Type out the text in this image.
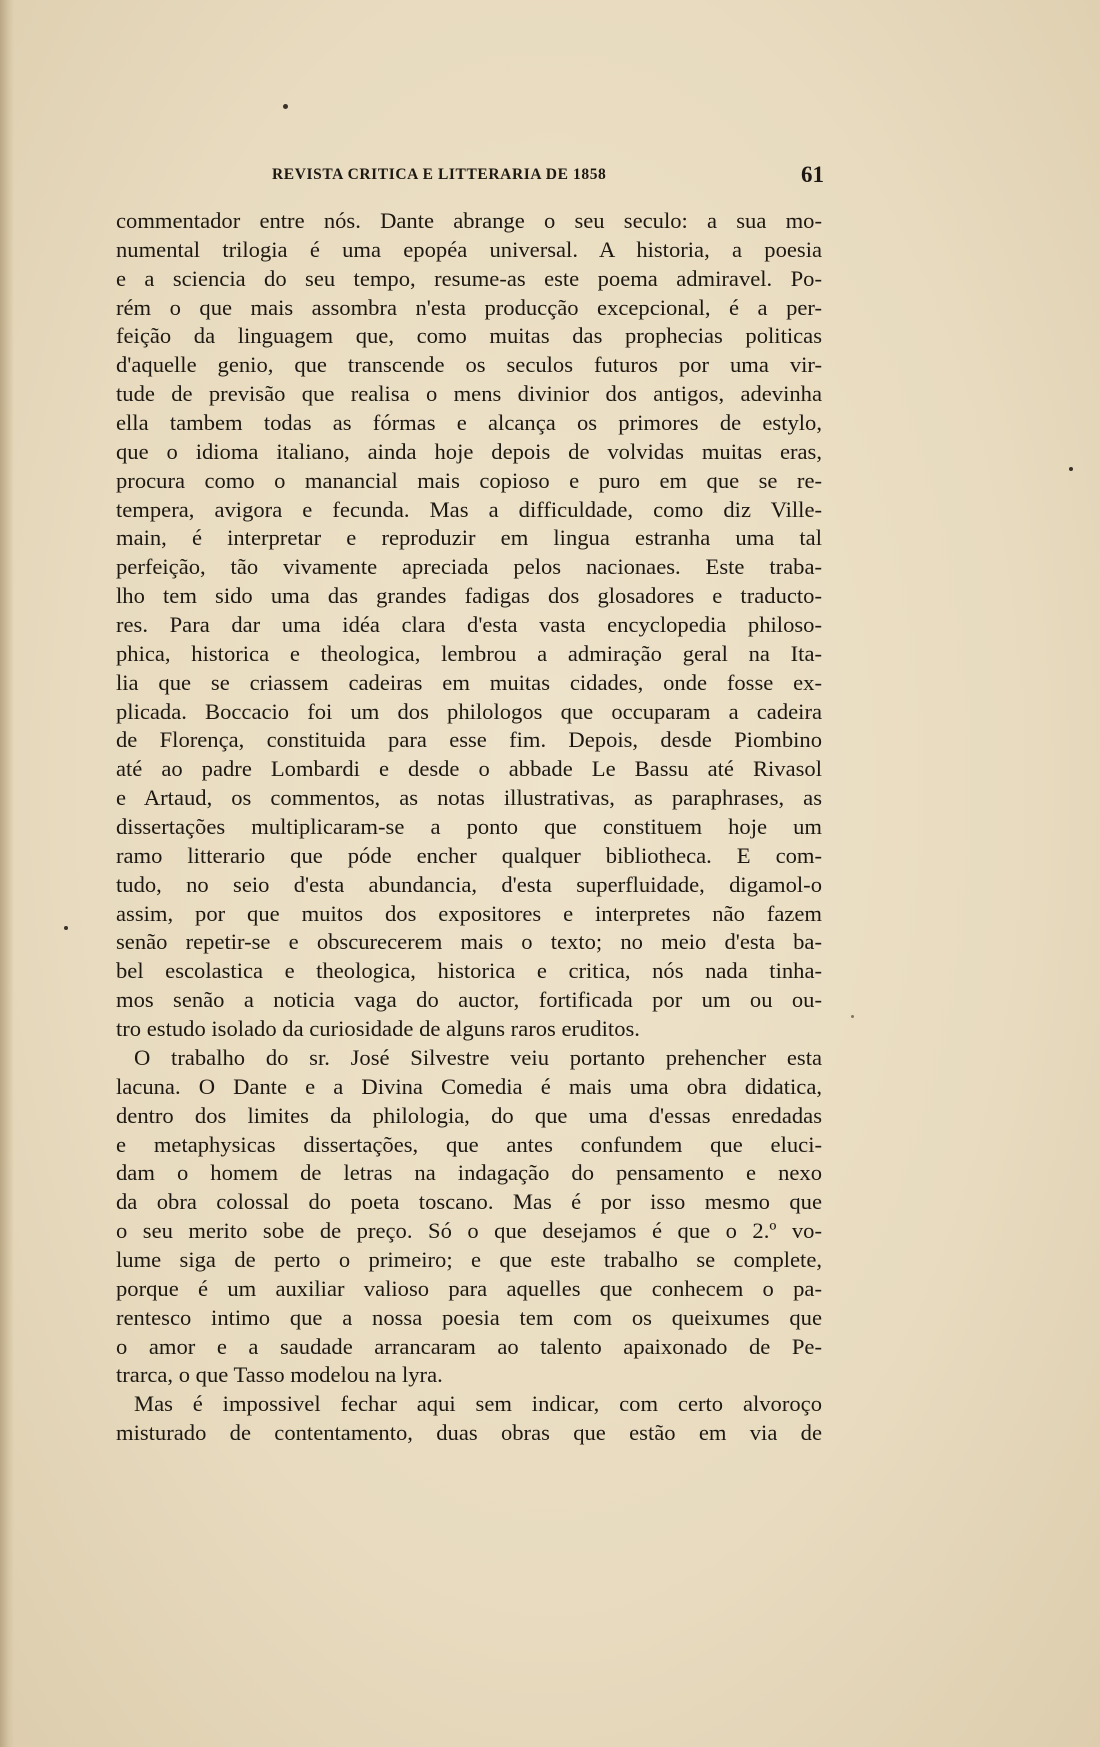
REVISTA CRITICA E LITTERARIA DE 1858	61
commentador entre nós. Dante abrange o seu seculo: a sua mo-
numental trilogia é uma epopéa universal. A historia, a poesia
e a sciencia do seu tempo, resume-as este poema admiravel. Po-
rém o que mais assombra n'esta producção excepcional, é a per-
feição da linguagem que, como muitas das prophecias politicas
d'aquelle genio, que transcende os seculos futuros por uma vir-
tude de previsão que realisa o mens divinior dos antigos, adevinha
ella tambem todas as fórmas e alcança os primores de estylo,
que o idioma italiano, ainda hoje depois de volvidas muitas eras,
procura como o manancial mais copioso e puro em que se re-
tempera, avigora e fecunda. Mas a difficuldade, como diz Ville-
main, é interpretar e reproduzir em lingua estranha uma tal
perfeição, tão vivamente apreciada pelos nacionaes. Este traba-
lho tem sido uma das grandes fadigas dos glosadores e traducto-
res. Para dar uma idéa clara d'esta vasta encyclopedia philoso-
phica, historica e theologica, lembrou a admiração geral na Ita-
lia que se criassem cadeiras em muitas cidades, onde fosse ex-
plicada. Boccacio foi um dos philologos que occuparam a cadeira
de Florença, constituida para esse fim. Depois, desde Piombino
até ao padre Lombardi e desde o abbade Le Bassu até Rivasol
e Artaud, os commentos, as notas illustrativas, as paraphrases, as
dissertações multiplicaram-se a ponto que constituem hoje um
ramo litterario que póde encher qualquer bibliotheca. E com-
tudo, no seio d'esta abundancia, d'esta superfluidade, digamol-o
assim, por que muitos dos expositores e interpretes não fazem
senão repetir-se e obscurecerem mais o texto; no meio d'esta ba-
bel escolastica e theologica, historica e critica, nós nada tinha-
mos senão a noticia vaga do auctor, fortificada por um ou ou-
tro estudo isolado da curiosidade de alguns raros eruditos.
O trabalho do sr. José Silvestre veiu portanto prehencher esta
lacuna. O Dante e a Divina Comedia é mais uma obra didatica,
dentro dos limites da philologia, do que uma d'essas enredadas
e metaphysicas dissertações, que antes confundem que eluci-
dam o homem de letras na indagação do pensamento e nexo
da obra colossal do poeta toscano. Mas é por isso mesmo que
o seu merito sobe de preço. Só o que desejamos é que o 2.º vo-
lume siga de perto o primeiro; e que este trabalho se complete,
porque é um auxiliar valioso para aquelles que conhecem o pa-
rentesco intimo que a nossa poesia tem com os queixumes que
o amor e a saudade arrancaram ao talento apaixonado de Pe-
trarca, o que Tasso modelou na lyra.
Mas é impossivel fechar aqui sem indicar, com certo alvoroço
misturado de contentamento, duas obras que estão em via de
